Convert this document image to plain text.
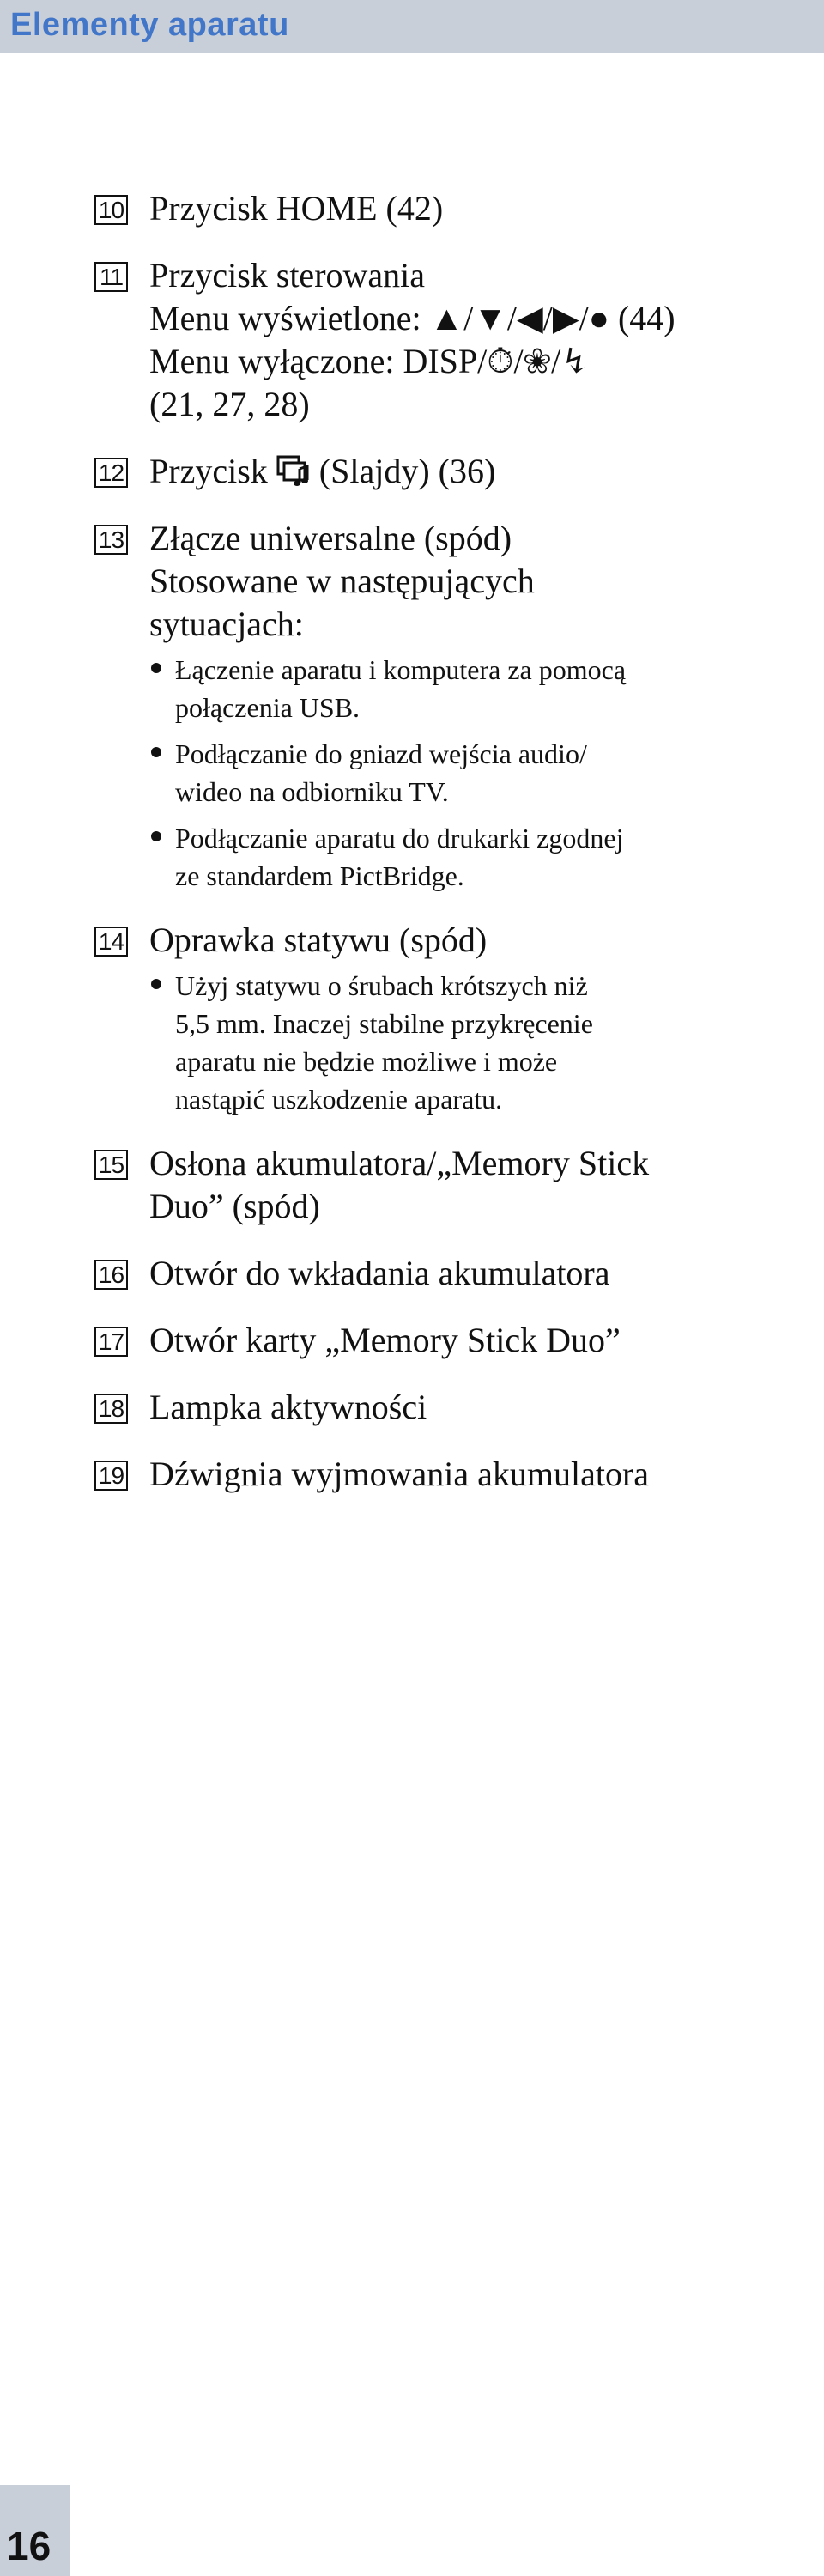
Elementy aparatu
10 Przycisk HOME (42)
11 Przycisk sterowania
Menu wyświetlone: ▲/▼/◀/▶/● (44)
Menu wyłączone: DISP/⏱/❀/↯
(21, 27, 28)
12 Przycisk (Slajdy) (36)
13 Złącze uniwersalne (spód)
Stosowane w następujących
sytuacjach:
Łączenie aparatu i komputera za pomocą
połączenia USB.
Podłączanie do gniazd wejścia audio/
wideo na odbiorniku TV.
Podłączanie aparatu do drukarki zgodnej
ze standardem PictBridge.
14 Oprawka statywu (spód)
Użyj statywu o śrubach krótszych niż
5,5 mm. Inaczej stabilne przykręcenie
aparatu nie będzie możliwe i może
nastąpić uszkodzenie aparatu.
15 Osłona akumulatora/„Memory Stick
Duo” (spód)
16 Otwór do wkładania akumulatora
17 Otwór karty „Memory Stick Duo”
18 Lampka aktywności
19 Dźwignia wyjmowania akumulatora
16
